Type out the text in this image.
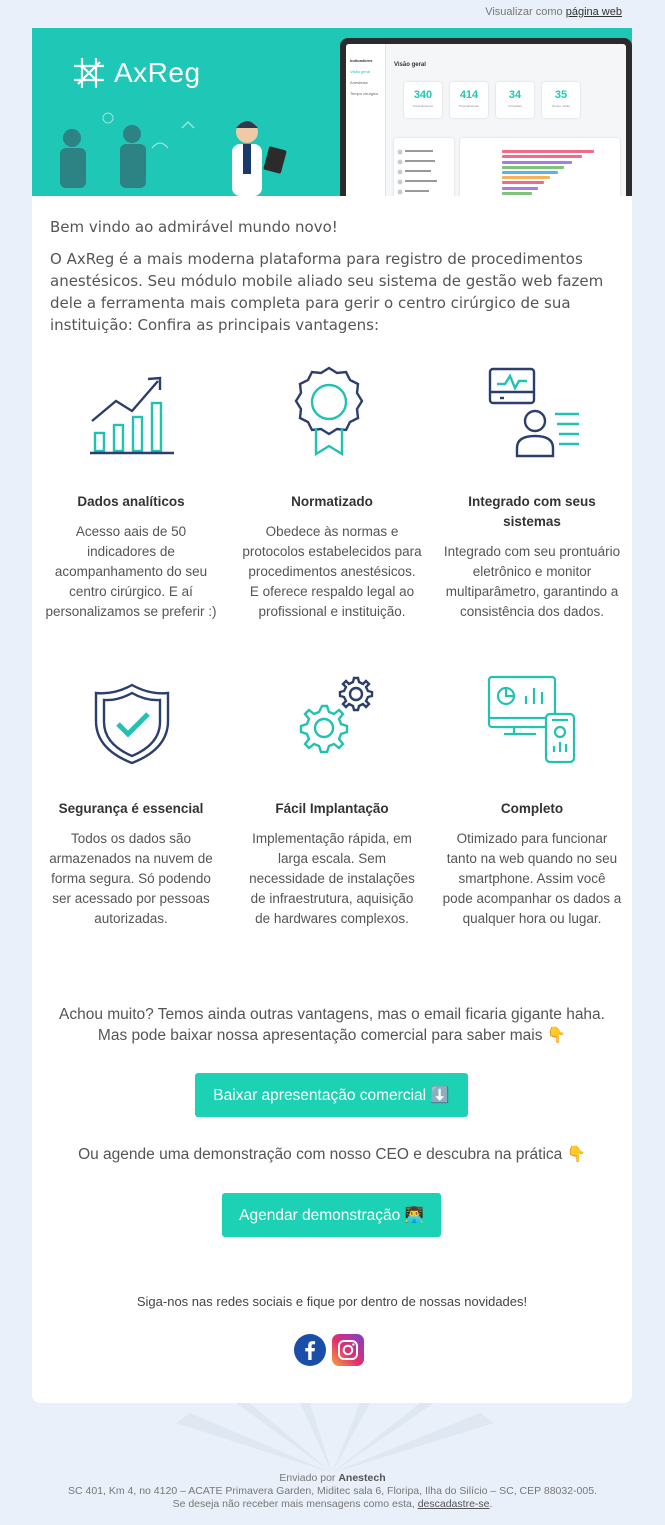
Visualizar como página web
AxReg	Indicadores
Visão geral
Anestesia
Tempo cirúrgico
Visão geral
340
Procedimentos
414
Procedimentos
34
Cirurgiões
35
Tempo médio
Bem vindo ao admirável mundo novo!
O AxReg é a mais moderna plataforma para registro de procedimentos anestésicos. Seu módulo mobile aliado seu sistema de gestão web fazem dele a ferramenta mais completa para gerir o centro cirúrgico de sua instituição: Confira as principais vantagens:
Dados analíticos

Acesso aais de 50 indicadores de acompanhamento do seu centro cirúrgico. E aí personalizamos se preferir :)

Normatizado

Obedece às normas e protocolos estabelecidos para procedimentos anestésicos. E oferece respaldo legal ao profissional e instituição.

Integrado com seus sistemas

Integrado com seu prontuário eletrônico e monitor multiparâmetro, garantindo a consistência dos dados.

Segurança é essencial

Todos os dados são armazenados na nuvem de forma segura. Só podendo ser acessado por pessoas autorizadas.

Fácil Implantação

Implementação rápida, em larga escala. Sem necessidade de instalações de infraestrutura, aquisição de hardwares complexos.

Completo

Otimizado para funcionar tanto na web quando no seu smartphone. Assim você pode acompanhar os dados a qualquer hora ou lugar.

Achou muito? Temos ainda outras vantagens, mas o email ficaria gigante haha. Mas pode baixar nossa apresentação comercial para saber mais 👇
Baixar apresentação comercial ⬇️
Ou agende uma demonstração com nosso CEO e descubra na prática 👇
Agendar demonstração 👨‍💻
Siga-nos nas redes sociais e fique por dentro de nossas novidades!
Enviado por Anestech
SC 401, Km 4, no 4120 – ACATE Primavera Garden, Miditec sala 6, Floripa, Ilha do Silício – SC, CEP 88032-005.
Se deseja não receber mais mensagens como esta, descadastre-se.
